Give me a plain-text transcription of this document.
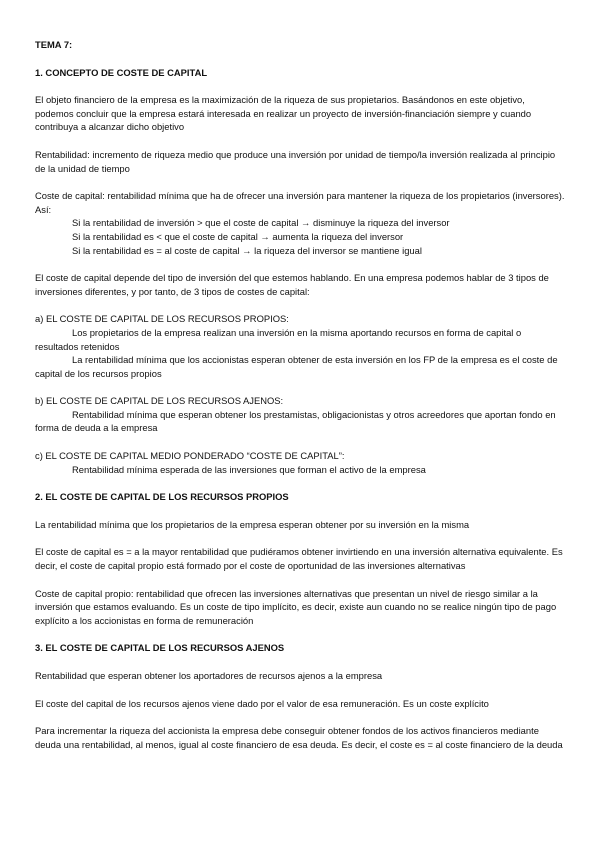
TEMA 7:

1. CONCEPTO DE COSTE DE CAPITAL

El objeto financiero de la empresa es la maximización de la riqueza de sus propietarios. Basándonos en este objetivo, podemos concluir que la empresa estará interesada en realizar un proyecto de inversión-financiación siempre y cuando contribuya a alcanzar dicho objetivo

Rentabilidad: incremento de riqueza medio que produce una inversión por unidad de tiempo/la inversión realizada al principio de la unidad de tiempo

Coste de capital: rentabilidad mínima que ha de ofrecer una inversión para mantener la riqueza de los propietarios (inversores). Así:

Si la rentabilidad de inversión > que el coste de capital → disminuye la riqueza del inversor

Si la rentabilidad es < que el coste de capital → aumenta la riqueza del inversor

Si la rentabilidad es = al coste de capital → la riqueza del inversor se mantiene igual

El coste de capital depende del tipo de inversión del que estemos hablando. En una empresa podemos hablar de 3 tipos de inversiones diferentes, y por tanto, de 3 tipos de costes de capital:

a) EL COSTE DE CAPITAL DE LOS RECURSOS PROPIOS:

Los propietarios de la empresa realizan una inversión en la misma aportando recursos en forma de capital o resultados retenidos

La rentabilidad mínima que los accionistas esperan obtener de esta inversión en los FP de la empresa es el coste de capital de los recursos propios

b) EL COSTE DE CAPITAL DE LOS RECURSOS AJENOS:

Rentabilidad mínima que esperan obtener los prestamistas, obligacionistas y otros acreedores que aportan fondo en forma de deuda a la empresa

c) EL COSTE DE CAPITAL MEDIO PONDERADO “COSTE DE CAPITAL”:

Rentabilidad mínima esperada de las inversiones que forman el activo de la empresa

2. EL COSTE DE CAPITAL DE LOS RECURSOS PROPIOS

La rentabilidad mínima que los propietarios de la empresa esperan obtener por su inversión en la misma

El coste de capital es = a la mayor rentabilidad que pudiéramos obtener invirtiendo en una inversión alternativa equivalente. Es decir, el coste de capital propio está formado por el coste de oportunidad de las inversiones alternativas

Coste de capital propio: rentabilidad que ofrecen las inversiones alternativas que presentan un nivel de riesgo similar a la inversión que estamos evaluando. Es un coste de tipo implícito, es decir, existe aun cuando no se realice ningún tipo de pago explícito a los accionistas en forma de remuneración

3. EL COSTE DE CAPITAL DE LOS RECURSOS AJENOS

Rentabilidad que esperan obtener los aportadores de recursos ajenos a la empresa

El coste del capital de los recursos ajenos viene dado por el valor de esa remuneración. Es un coste explícito

Para incrementar la riqueza del accionista la empresa debe conseguir obtener fondos de los activos financieros mediante deuda una rentabilidad, al menos, igual al coste financiero de esa deuda. Es decir, el coste es = al coste financiero de la deuda
